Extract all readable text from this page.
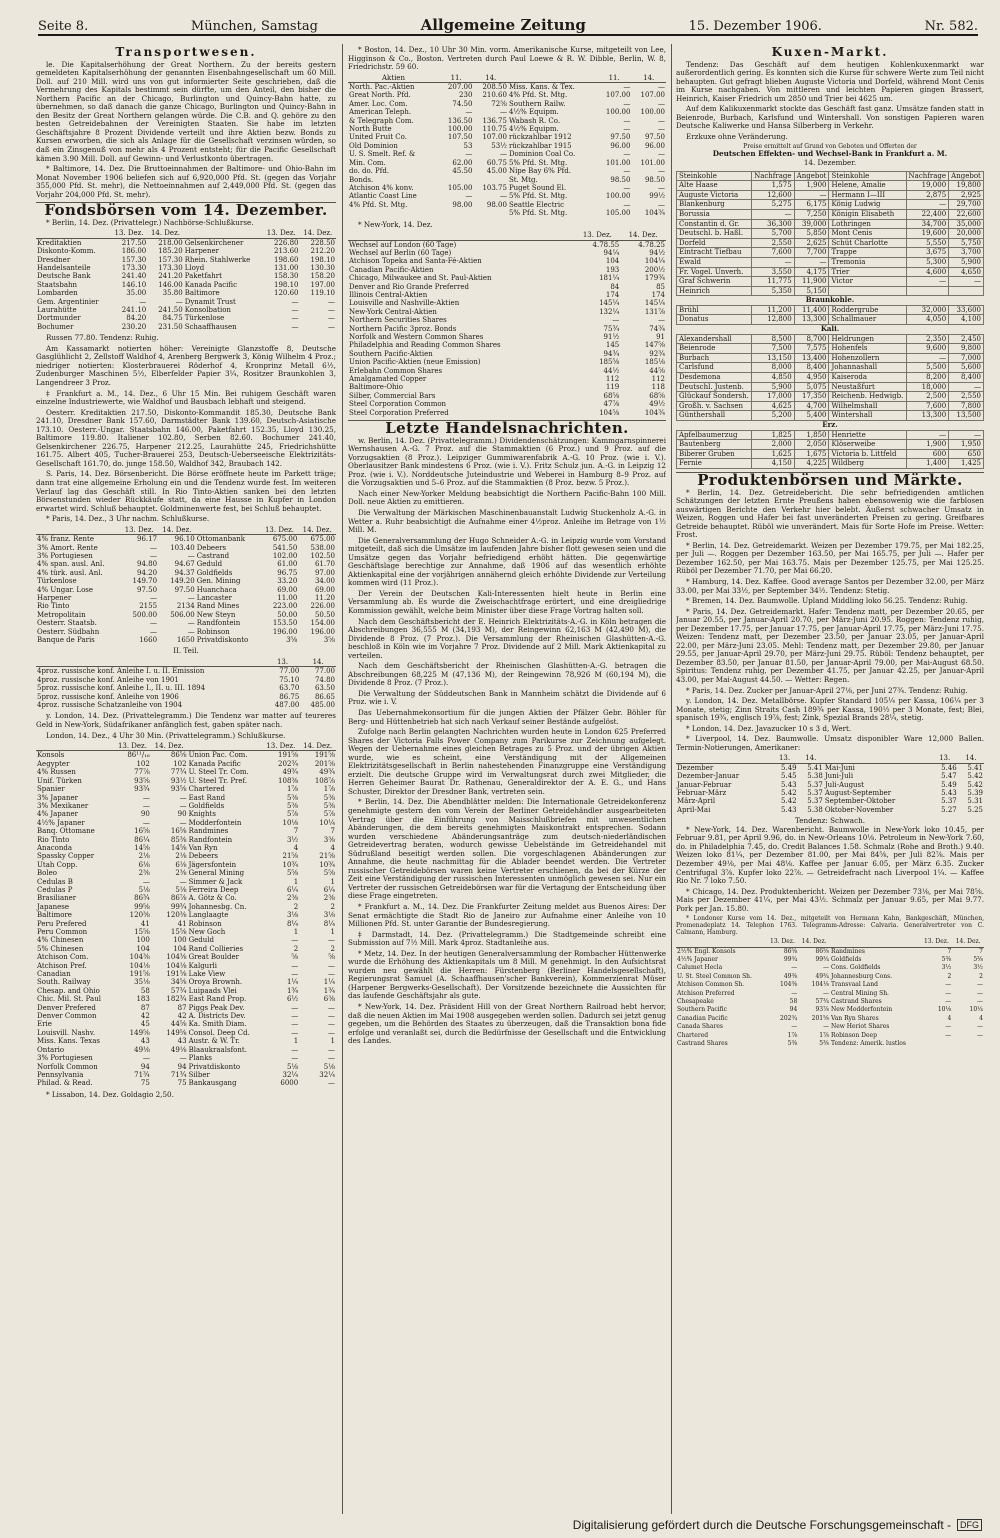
Seite 8.	München, Samstag	Allgemeine Zeitung	15. Dezember 1906.	Nr. 582.
Transportwesen.

le. Die Kapitalserhöhung der Great Northern. Zu der bereits gestern gemeldeten Kapitalserhöhung der genannten Eisenbahngesellschaft um 60 Mill. Doll. auf 210 Mill. wird uns von gut informierter Seite geschrieben, daß die Vermehrung des Kapitals bestimmt sein dürfte, um den Anteil, den bisher die Northern Pacific an der Chicago, Burlington und Quincy-Bahn hatte, zu übernehmen, so daß danach die ganze Chicago, Burlington und Quincy-Bahn in den Besitz der Great Northern gelangen würde. Die C.B. and Q. gehöre zu den besten Getreidebahnen der Vereinigten Staaten. Sie habe im letzten Geschäftsjahre 8 Prozent Dividende verteilt und ihre Aktien bezw. Bonds zu Kursen erworben, die sich als Anlage für die Gesellschaft verzinsen würden, so daß ein Zinsgenuß von mehr als 4 Prozent entsteht; für die Pacific Gesellschaft kämen 3.90 Mill. Doll. auf Gewinn- und Verlustkonto übertragen.

* Baltimore, 14. Dez. Die Bruttoeinnahmen der Baltimore- und Ohio-Bahn im Monat November 1906 beliefen sich auf 6,920,000 Pfd. St. (gegen das Vorjahr 355,000 Pfd. St. mehr), die Nettoeinnahmen auf 2,449,000 Pfd. St. (gegen das Vorjahr 204,000 Pfd. St. mehr).

Fondsbörsen vom 14. Dezember.

* Berlin, 14. Dez. (Privattelegr.) Nachbörse-Schlußkurse.

	13. Dez.	14. Dez.		13. Dez.	14. Dez.
Kreditaktien	217.50	218.00	Gelsenkirchener	226.80	228.50
Diskonto-Komm.	186.00	185.20	Harpener	213.60	212.20
Dresdner	157.30	157.30	Rhein. Stahlwerke	198.60	198.10
Handelsanteile	173.30	173.30	Lloyd	131.00	130.30
Deutsche Bank	241.40	241.20	Paketfahrt	158.30	158.20
Staatsbahn	146.10	146.00	Kanada Pacific	198.10	197.00
Lombarden	35.00	35.80	Baltimore	120.60	119.10
Gem. Argentinier	—	—	Dynamit Trust	—	—
Laurahütte	241.10	241.50	Konsolbation	—	—
Dortmunder	84.20	84.75	Türkenlose	—	—
Bochumer	230.20	231.50	Schaaffhausen	—	—

Russen 77.80. Tendenz: Ruhig.

Am Kassamarkt notierten höher: Vereinigte Glanzstoffe 8, Deutsche Gasglühlicht 2, Zellstoff Waldhof 4, Arenberg Bergwerk 3, König Wilhelm 4 Proz.; niedriger notierten: Klosterbrauerei Röderhof 4, Kronprinz Metall 6½, Zudenburger Maschinen 5½, Elberfelder Papier 3¼, Rositzer Braunkohlen 3, Langendreer 3 Proz.

‡ Frankfurt a. M., 14. Dez., 6 Uhr 15 Min. Bei ruhigem Geschäft waren einzelne Industriewerte, wie Waldhof und Bausbach lebhaft und steigend.

Oesterr. Kreditaktien 217.50, Diskonto-Kommandit 185.30, Deutsche Bank 241.10, Dresdner Bank 157.60, Darmstädter Bank 139.60, Deutsch-Asiatische 173.10. Oesterr.-Ungar. Staatsbahn 146.00, Paketfahrt 152.35, Lloyd 130.25, Baltimore 119.80. Italiener 102.80, Serben 82.60. Bochumer 241.40, Gelsenkirchener 226.75, Harpener 212.25, Laurahütte 245, Friedrichshütte 161.75. Albert 405, Tucher-Brauerei 253, Deutsch-Ueberseeische Elektrizitäts-Gesellschaft 161.70, do. junge 158.50, Waldhof 342, Braubach 142.

S. Paris, 14. Dez. Börsenbericht. Die Börse eröffnete heute im Parkett träge; dann trat eine allgemeine Erholung ein und die Tendenz wurde fest. Im weiteren Verlauf lag das Geschäft still. In Rio Tinto-Aktien sanken bei den letzten Börsenstunden wieder Rückkäufe statt, da eine Hausse in Kupfer in London erwartet wird. Schluß behauptet. Goldminenwerte fest, bei Schluß behauptet.

* Paris, 14. Dez., 3 Uhr nachm. Schlußkurse.

	13. Dez.	14. Dez.		13. Dez.	14. Dez.
4% franz. Rente	96.17	96.10	Ottomanbank	675.00	675.00
3% Amort. Rente	—	103.40	Debeers	541.50	538.00
3% Portugiesen	—	—	Castrand	102.00	102.50
4% span. ausl. Anl.	94.80	94.67	Geduld	61.00	61.70
4% türk. ausl. Anl.	94.20	94.37	Goldfields	96.75	97.00
Türkenlose	149.70	149.20	Gen. Mining	33.20	34.00
4% Ungar. Lose	97.50	97.50	Huanchaca	69.00	69.00
Harpener	—	—	Lancaster	11.00	11.20
Rio Tinto	2155	2134	Rand Mines	223.00	226.00
Metropolitain	500.00	506.00	New Steyn	50.00	50.50
Oesterr. Staatsb.	—	—	Randfontein	153.50	154.00
Oesterr. Südbahn	—	—	Robinson	196.00	196.00
Banque de Paris	1660	1650	Privatdiskonto	3⅝	3⅝
II. Teil.
	13.	14.
4proz. russische konf. Anleihe I. u. II. Emission	77.00	77.00
4proz. russische konf. Anleihe von 1901	75.10	74.80
5proz. russische konf. Anleihe I., II. u. III. 1894	63.70	63.50
5proz. russische konf. Anleihe von 1906	86.75	86.65
4proz. russische Schatzanleihe von 1904	487.00	485.00

y. London, 14. Dez. (Privattelegramm.) Die Tendenz war matter auf teureres Geld in New-York, Südafrikaner anfänglich fest, gaben später nach.

London, 14. Dez., 4 Uhr 30 Min. (Privattelegramm.) Schlußkurse.

	13. Dez.	14. Dez.		13. Dez.	14. Dez.
Konsols	86¹¹/₁₆	86⅝	Union Pac. Com.	191⅝	191⅝
Aegypter	102	102	Kanada Pacific	202¾	201⅝
4% Russen	77⅞	77¾	U. Steel Tr. Com.	49¾	49¾
Unif. Türken	93⅝	93½	U. Steel Tr. Pref.	108⅜	108⅞
Spanier	93¾	93⅝	Chartered	1⅞	1⅞
3% Japaner	—	—	East Rand	5⅜	5⅜
3% Mexikaner	—	—	Goldfields	5⅜	5⅜
4% Japaner	90	90	Knights	5⅞	5⅞
4½% Japaner	—	—	Modderfontein	10⅛	10¼
Banq. Ottomane	16⅝	16⅝	Randmines	7	7
Rio Tinto	86¼	85⅜	Randfontein	3½	3⅜
Anaconda	14⅝	14⅝	Van Ryn	4	4
Spassky Copper	2⅛	2⅛	Debeers	21⅝	21⅝
Utah Copp.	6⅛	6⅛	Jägersfontein	10¾	10¾
Boleo	2⅜	2⅜	General Mining	5⅝	5⅝
Cedulas B	—	—	Simmer & Jack	1	1
Cedulas P	5⅛	5⅛	Ferreira Deep	6¼	6¼
Brasilianer	86¾	86⅞	A. Götz & Co.	2⅜	2⅜
Japanese	99⅝	99¾	Johannesbg. Cn.	2	2
Baltimore	120⅜	120⅜	Langlaagte	3⅛	3⅛
Peru Prefered	41	41	Robinson	8¼	8¼
Peru Common	15⅝	15⅝	New Goch	1	1
4% Chinesen	100	100	Geduld	—	—
5% Chinesen	104	104	Rand Collieries	2	2
Atchison Com.	104⅜	104⅜	Great Boulder	⅝	⅝
Atchison Pref.	104⅛	104⅛	Kalgurli	—	—
Canadian	191⅝	191⅝	Lake View	—	—
South. Railway	35⅛	34⅝	Oroya Brownh.	1¼	1¼
Chesap. and Ohio	58	57¾	Luipaads Vlei	1¾	1¾
Chic. Mil. St. Paul	183	182¾	East Rand Prop.	6½	6⅜
Denver Prefered	87	87	Piggs Peak Dev.	—	—
Denver Common	42	42	A. Districts Dev.	—	—
Erie	45	44⅝	Ka. Smith Diam.	—	—
Louisvill. Nashv.	149⅝	149⅝	Consol. Deep Cd.	—	—
Miss. Kans. Texas	43	43	Austr. & W. Tr.	1	1
Ontario	49⅛	49⅛	Blaaukraalsfont.	—	—
3% Portugiesen	—	—	Planks	—	—
Norfolk Common	94	94	Privatdiskonto	5⅛	5⅛
Pennsylvania	71¾	71¾	Silber	32¼	32¼
Philad. & Read.	75	75	Bankausgang	6000	—

* Lissabon, 14. Dez. Goldagio 2,50.

* Boston, 14. Dez., 10 Uhr 30 Min. vorm. Amerikanische Kurse, mitgeteilt von Lee, Higginson & Co., Boston. Vertreten durch Paul Loewe & R. W. Dibble, Berlin, W. 8, Friedrichstr. 59 60.

Aktien	11.	14.		11.	14.
North. Pac.-Aktien	207.00	208.50	Miss. Kans. & Tex.	—	—
Great North. Pfd.	230	210.60	4% Pfd. St. Mtg.	107.00	107.00
Amer. Loc. Com.	74.50	72⅜	Southern Railw.	—	—
American Teleph.	—	—	4½% Equipm.	100.00	100.00
& Telegraph Com.	136.50	136.75	Wabash R. Co.	—	—
North Butte	100.00	110.75	4½% Equipm.	—	—
United Fruit Co.	107.50	107.00	rückzahlbar 1912	97.50	97.50
Old Dominion	53	53½	rückzahlbar 1915	96.00	96.00
U. S. Smelt. Ref. &	—	—	Dominion Coal Co.	—	—
Min. Com.	62.00	60.75	5% Pfd. St. Mtg.	101.00	101.00
do. do. Pfd.	45.50	45.00	Nipe Bay 6% Pfd.	—	—
Bonds.			St. Mtg.	98.50	98.50
Atchison 4% konv.	105.00	103.75	Puget Sound El.	—	—
Atlantic Coast Line	—	—	5% Pfd. St. Mtg.	100.00	99½
4% Pfd. St. Mtg.	98.00	98.00	Seattle Electric	—	—
			5% Pfd. St. Mtg.	105.00	104¾

* New-York, 14. Dez.

	13. Dez.	14. Dez.
Wechsel auf London (60 Tage)	4.78.55	4.78.25
Wechsel auf Berlin (60 Tage)	94¼	94½
Atchison Topeka and Santa-Fé-Aktien	104	104¼
Canadian Pacific-Aktien	193	200½
Chicago, Milwaukee and St. Paul-Aktien	181¼	179¾
Denver and Rio Grande Preferred	84	85
Illinois Central-Aktien	174	174
Louisville and Nashville-Aktien	145¼	145¼
New-York Central-Aktien	132¼	131⅞
Northern Securities Shares	—	—
Northern Pacific 3proz. Bonds	75¾	74¾
Norfolk and Western Common Shares	91½	91
Philadelphia and Reading Common Shares	145	147⅝
Southern Pacific-Aktien	94¾	92¾
Union Pacific-Aktien (neue Emission)	185⅝	185⅛
Erlebahn Common Shares	44½	44⅝
Amalgamated Copper	112	112
Baltimore-Ohio	119	118
Silber, Commercial Bars	68⅝	68⅝
Steel Corporation Common	47⅞	49½
Steel Corporation Preferred	104⅝	104¾
Letzte Handelsnachrichten.

w. Berlin, 14. Dez. (Privattelegramm.) Dividendenschätzungen: Kammgarnspinnerei Wernshausen A.-G. 7 Proz. auf die Stammaktien (6 Proz.) und 9 Proz. auf die Vorzugsaktien (8 Proz.). Leipziger Gummiwarenfabrik A.-G. 10 Proz. (wie i. V.). Oberlausitzer Bank mindestens 6 Proz. (wie i. V.). Fritz Schulz jun. A.-G. in Leipzig 12 Proz. (wie i. V.). Norddeutsche Juteindustrie und Weberei in Hamburg 8–9 Proz. auf die Vorzugsaktien und 5–6 Proz. auf die Stammaktien (8 Proz. bezw. 5 Proz.).

Nach einer New-Yorker Meldung beabsichtigt die Northern Pacific-Bahn 100 Mill. Doll. neue Aktien zu emittieren.

Die Verwaltung der Märkischen Maschinenbauanstalt Ludwig Stuckenholz A.-G. in Wetter a. Ruhr beabsichtigt die Aufnahme einer 4½proz. Anleihe im Betrage von 1½ Mill. M.

Die Generalversammlung der Hugo Schneider A.-G. in Leipzig wurde vom Vorstand mitgeteilt, daß sich die Umsätze im laufenden Jahre bisher flott gewesen seien und die Umsätze gegen das Vorjahr befriedigend erhöht hätten. Die gegenwärtige Geschäftslage berechtige zur Annahme, daß 1906 auf das wesentlich erhöhte Aktienkapital eine der vorjährigen annähernd gleich erhöhte Dividende zur Verteilung kommen wird (11 Proz.).

Der Verein der Deutschen Kali-Interessenten hielt heute in Berlin eine Versammlung ab. Es wurde die Zweischachtfrage erörtert, und eine dreigliedrige Kommission gewählt, welche beim Minister über diese Frage Vortrag halten soll.

Nach dem Geschäftsbericht der E. Heinrich Elektrizitäts-A.-G. in Köln betragen die Abschreibungen 36,555 M (34,193 M), der Reingewinn 62,163 M (42,490 M), die Dividende 8 Proz. (7 Proz.). Die Versammlung der Rheinischen Glashütten-A.-G. beschloß in Köln wie im Vorjahre 7 Proz. Dividende auf 2 Mill. Mark Aktienkapital zu verteilen.

Nach dem Geschäftsbericht der Rheinischen Glashütten-A.-G. betragen die Abschreibungen 68,225 M (47,136 M), der Reingewinn 78,926 M (60,194 M), die Dividende 8 Proz. (7 Proz.).

Die Verwaltung der Süddeutschen Bank in Mannheim schätzt die Dividende auf 6 Proz. wie i. V.

Das Uebernahmekonsortium für die jungen Aktien der Pfälzer Gebr. Böhler für Berg- und Hüttenbetrieb hat sich nach Verkauf seiner Bestände aufgelöst.

Zufolge nach Berlin gelangten Nachrichten wurden heute in London 625 Preferred Shares der Victoria Falls Power Company zum Parikurse zur Zeichnung aufgelegt. Wegen der Uebernahme eines gleichen Betrages zu 5 Proz. und der übrigen Aktien wurde, wie es scheint, eine Verständigung mit der Allgemeinen Elektrizitätsgesellschaft in Berlin nahestehenden Finanzgruppe eine Verständigung erzielt. Die deutsche Gruppe wird im Verwaltungsrat durch zwei Mitglieder, die Herren Geheimer Baurat Dr. Rathenau, Generaldirektor der A. E. G., und Hans Schuster, Direktor der Dresdner Bank, vertreten sein.

* Berlin, 14. Dez. Die Abendblätter melden: Die Internationale Getreidekonferenz genehmigte gestern den vom Verein der Berliner Getreidehändler ausgearbeiteten Vertrag über die Einführung von Maisschlußbriefen mit unwesentlichen Abänderungen, die dem bereits genehmigten Maiskontrakt entsprechen. Sodann wurden verschiedene Abänderungsanträge zum deutsch-niederländischen Getreidevertrag beraten, wodurch gewisse Uebelstände im Getreidehandel mit Südrußland beseitigt werden sollen. Die vorgeschlagenen Abänderungen zur Annahme, die heute nachmittag für die Ablader beendet werden. Die Vertreter russischer Getreidebörsen waren keine Vertreter erschienen, da bei der Kürze der Zeit eine Verständigung der russischen Interessenten unmöglich gewesen sei. Nur ein Vertreter der russischen Getreidebörsen war für die Vertagung der Entscheidung über diese Frage eingetreten.

* Frankfurt a. M., 14. Dez. Die Frankfurter Zeitung meldet aus Buenos Aires: Der Senat ermächtigte die Stadt Rio de Janeiro zur Aufnahme einer Anleihe von 10 Millionen Pfd. St. unter Garantie der Bundesregierung.

‡ Darmstadt, 14. Dez. (Privattelegramm.) Die Stadtgemeinde schreibt eine Submission auf 7½ Mill. Mark 4proz. Stadtanleihe aus.

* Metz, 14. Dez. In der heutigen Generalversammlung der Rombacher Hüttenwerke wurde die Erhöhung des Aktienkapitals um 8 Mill. M genehmigt. In den Aufsichtsrat wurden neu gewählt die Herren: Fürstenberg (Berliner Handelsgesellschaft), Regierungsrat Samuel (A. Schaaffhausen'scher Bankverein), Kommerzienrat Müser (Harpener Bergwerks-Gesellschaft). Der Vorsitzende bezeichnete die Aussichten für das laufende Geschäftsjahr als gute.

* New-York, 14. Dez. Präsident Hill von der Great Northern Railroad hebt hervor, daß die neuen Aktien im Mai 1908 ausgegeben werden sollen. Dadurch sei jetzt genug gegeben, um die Behörden des Staates zu überzeugen, daß die Transaktion bona fide erfolge und veranlaßt sei, durch die Bedürfnisse der Gesellschaft und die Entwicklung des Landes.

Kuxen-Markt.

Tendenz: Das Geschäft auf dem heutigen Kohlenkuxenmarkt war außerordentlich gering. Es konnten sich die Kurse für schwere Werte zum Teil nicht behaupten. Gut gefragt blieben Auguste Victoria und Dorfeld, während Mont Cenis im Kurse nachgaben. Von mittleren und leichten Papieren gingen Brassert, Heinrich, Kaiser Friedrich um 2850 und Trier bei 4625 um.

Auf dem Kalikuxenmarkt stockte das Geschäft fast ganz. Umsätze fanden statt in Beienrode, Burbach, Karlsfund und Wintershall. Von sonstigen Papieren waren Deutsche Kaliwerke und Hansa Silberberg in Verkehr.

Erzkuxe ohne Veränderung.

Preise ermittelt auf Grund von Geboten und Offerten der
Deutschen Effekten- und Wechsel-Bank in Frankfurt a. M.
14. Dezember.
Steinkohle	Nachfrage	Angebot	Steinkohle	Nachfrage	Angebot
Alte Haase	1,575	1,900	Helene, Amalie	19,000	19,800
Auguste Victoria	12,600	—	Hermann I—III	2,875	2,925
Blankenburg	5,275	6,175	König Ludwig	—	29,700
Borussia	—	7,250	Königin Elisabeth	22,400	22,600
Constantin d. Gr.	36,300	39,000	Lothringen	34,700	35,000
Deutschl. b. Haßl.	5,700	5,850	Mont Cenis	19,600	20,000
Dorfeld	2,550	2,625	Schüt Charlotte	5,550	5,750
Eintracht Tiefbau	7,600	7,700	Trappe	3,675	3,700
Ewald	—	—	Tremonia	5,300	5,900
Fr. Vogel. Unverh.	3,550	4,175	Trier	4,600	4,650
Graf Schwerin	11,775	11,900	Victor	—	—
Heinrich	5,350	5,150			
Braunkohle.					
Brühl	11,200	11,400	Roddergrube	32,000	33,600
Donatus	12,800	13,300	Schallmauer	4,050	4,100
Kali.					
Alexandershall	8,500	8,700	Heldrungen	2,350	2,450
Beienrode	7,500	7,575	Hohenfels	9,600	9,800
Burbach	13,150	13,400	Hohenzollern	—	7,000
Carlsfund	8,000	8,400	Johannashall	5,500	5,600
Desdemona	4,850	4,950	Kaiseroda	8,200	8,400
Deutschl. Justenb.	5,900	5,075	Neustaßfurt	18,000	—
Glückauf Sondersh.	17,000	17,350	Reichenb. Hedwigb.	2,500	2,550
Großh. v. Sachsen	4,625	4,700	Wilhelmshall	7,600	7,800
Günthershall	5,200	5,400	Wintershall	13,300	13,500
Erz.					
Apfelbaumerzug	1,825	1,850	Henriette	—	—
Bautenberg	2,000	2,050	Klöserweibe	1,900	1,950
Biberer Gruben	1,625	1,675	Victoria b. Littfeld	600	650
Fernie	4,150	4,225	Wildberg	1,400	1,425
Produktenbörsen und Märkte.

* Berlin, 14. Dez. Getreidebericht. Die sehr befriedigenden amtlichen Schätzungen der letzten Ernte Preußens haben ebensowenig wie die farblosen auswärtigen Berichte den Verkehr hier belebt. Äußerst schwacher Umsatz in Weizen, Roggen und Hafer bei fast unveränderten Preisen zu gering. Greifbares Getreide behauptet. Rüböl wie unverändert. Mais für Sorte Hofe im Preise. Wetter: Frost.

* Berlin, 14. Dez. Getreidemarkt. Weizen per Dezember 179.75, per Mai 182.25, per Juli —. Roggen per Dezember 163.50, per Mai 165.75, per Juli —. Hafer per Dezember 162.50, per Mai 163.75. Mais per Dezember 125.75, per Mai 125.25. Rüböl per Dezember 71.70, per Mai 66.20.

* Hamburg, 14. Dez. Kaffee. Good average Santos per Dezember 32.00, per März 33.00, per Mai 33½, per September 34½. Tendenz: Stetig.

* Bremen, 14. Dez. Baumwolle. Upland Middling loko 56.25. Tendenz: Ruhig.

* Paris, 14. Dez. Getreidemarkt. Hafer: Tendenz matt, per Dezember 20.65, per Januar 20.55, per Januar-April 20.70, per März-Juni 20.95. Roggen: Tendenz ruhig, per Dezember 17.75, per Januar 17.75, per Januar-April 17.75, per März-Juni 17.75. Weizen: Tendenz matt, per Dezember 23.50, per Januar 23.05, per Januar-April 22.00, per März-Juni 23.05. Mehl: Tendenz matt, per Dezember 29.80, per Januar 29.55, per Januar-April 29.70, per März-Juni 29.75. Rüböl: Tendenz behauptet, per Dezember 83.50, per Januar 81.50, per Januar-April 79.00, per Mai-August 68.50. Spiritus: Tendenz ruhig, per Dezember 41.75, per Januar 42.25, per Januar-April 43.00, per Mai-August 44.50. — Wetter: Regen.

* Paris, 14. Dez. Zucker per Januar-April 27⅛, per Juni 27¾. Tendenz: Ruhig.

y. London, 14. Dez. Metallbörse. Kupfer Standard 105¼ per Kassa, 106¼ per 3 Monate, stetig; Zinn Straits Cash 189¾ per Kassa, 190½ per 3 Monate, fest; Blei, spanisch 19¾, englisch 19⅞, fest; Zink, Spezial Brands 28¼, stetig.

* London, 14. Dez. Javazucker 10 s 3 d, Wert.

* Liverpool, 14. Dez. Baumwolle. Umsatz disponibler Ware 12,000 Ballen. Termin-Notierungen, Amerikaner:

	13.	14.		13.	14.
Dezember	5.49	5.41	Mai-Juni	5.46	5.41
Dezember-Januar	5.45	5.38	Juni-Juli	5.47	5.42
Januar-Februar	5.43	5.37	Juli-August	5.49	5.42
Februar-März	5.42	5.37	August-September	5.43	5.39
März-April	5.42	5.37	September-Oktober	5.37	5.31
April-Mai	5.43	5.38	Oktober-November	5.27	5.25
Tendenz: Schwach.

* New-York, 14. Dez. Warenbericht. Baumwolle in New-York loko 10.45, per Februar 9.81, per April 9.96, do. in New-Orleans 10⅛. Petroleum in New-York 7.60, do. in Philadelphia 7.45, do. Credit Balances 1.58. Schmalz (Rohe and Broth.) 9.40. Weizen loko 81¼, per Dezember 81.00, per Mai 84⅝, per Juli 82⅞. Mais per Dezember 49⅛, per Mai 48⅛. Kaffee per Januar 6.05, per März 6.35. Zucker Centrifugal 3⅞. Kupfer loko 22⅞. — Getreidefracht nach Liverpool 1¼. — Kaffee Rio Nr. 7 loko 7.50.

* Chicago, 14. Dez. Produktenbericht. Weizen per Dezember 73⅛, per Mai 78⅝. Mais per Dezember 41¼, per Mai 43½. Schmalz per Januar 9.65, per Mai 9.77. Pork per Jan. 15.80.

* Londoner Kurse vom 14. Dez., mitgeteilt von Hermann Kahn, Bankgeschäft, München, Promenadeplatz 14. Telephon 1763. Telegramm-Adresse: Calvaria. Generalvertreter von C. Calmann, Hamburg.

	13. Dez.	14. Dez.		13. Dez.	14. Dez.
2½% Engl. Konsols	86⅝	86⅝	Randmines	7	7
4½% Japaner	99¾	99¾	Goldfields	5⅜	5⅜
Calumet Hecla	—	—	Cons. Goldfields	3½	3½
U. St. Steel Common Sh.	49⅜	49¾	Johannesburg Cons.	2	2
Atchison Common Sh.	104⅜	104⅛	Transvaal Land	—	—
Atchison Preferred	—	—	Central Mining Sh.	—	—
Chesapeake	58	57¾	Castrand Shares	—	—
Southern Pacific	94	93⅞	New Modderfontein	10⅛	10¼
Canadian Pacific	202¾	201⅝	Van Ryn Shares	4	4
Canada Shares	—	—	New Heriot Shares	—	—
Chartered	1⅞	1⅞	Robinson Deep	—	—
Castrand Shares	5⅜	5⅜	Tendenz: Amerik. lustlos		
Digitalisierung gefördert durch die Deutsche Forschungsgemeinschaft -	DFG
